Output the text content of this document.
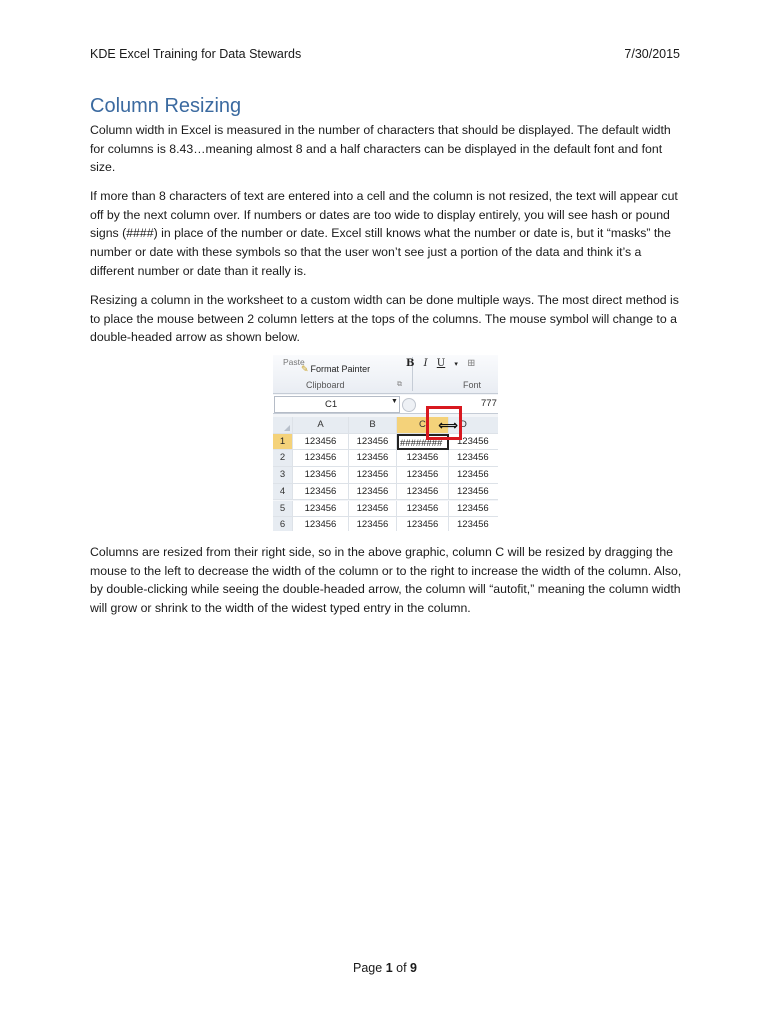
KDE Excel Training for Data Stewards	7/30/2015
Column Resizing
Column width in Excel is measured in the number of characters that should be displayed. The default width for columns is 8.43…meaning almost 8 and a half characters can be displayed in the default font and font size.
If more than 8 characters of text are entered into a cell and the column is not resized, the text will appear cut off by the next column over. If numbers or dates are too wide to display entirely, you will see hash or pound signs (####) in place of the number or date. Excel still knows what the number or date is, but it “masks” the number or date with these symbols so that the user won’t see just a portion of the data and think it’s a different number or date than it really is.
Resizing a column in the worksheet to a custom width can be done multiple ways. The most direct method is to place the mouse between 2 column letters at the tops of the columns. The mouse symbol will change to a double-headed arrow as shown below.
Paste
✎ Format Painter
Clipboard	⧉
B I U ▾ ⊞
Font
C1	▼	777
A	B	C	D
1	123456	123456	########	123456
2	123456	123456	123456	123456
3	123456	123456	123456	123456
4	123456	123456	123456	123456
5	123456	123456	123456	123456
6	123456	123456	123456	123456
⟺
Columns are resized from their right side, so in the above graphic, column C will be resized by dragging the mouse to the left to decrease the width of the column or to the right to increase the width of the column. Also, by double-clicking while seeing the double-headed arrow, the column will “autofit,” meaning the column width will grow or shrink to the width of the widest typed entry in the column.
Page 1 of 9
